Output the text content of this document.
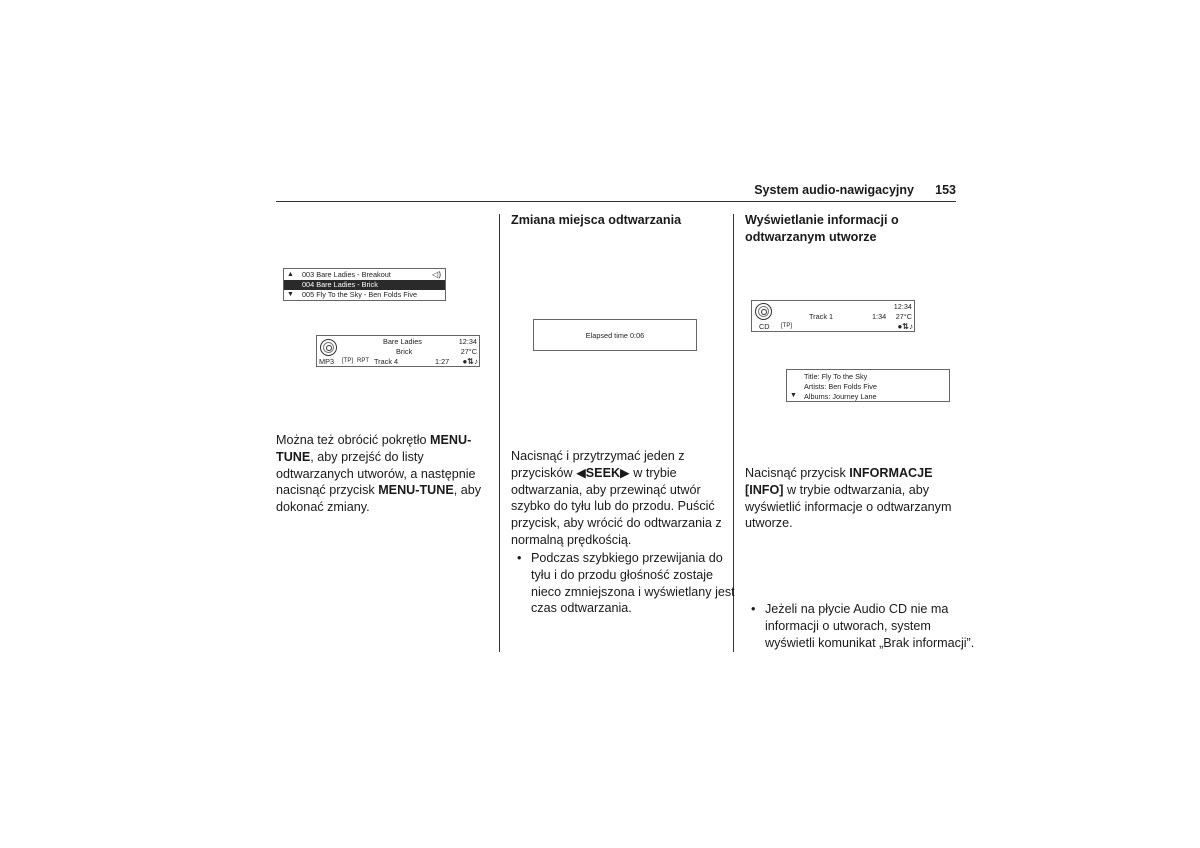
System audio-nawigacyjny 153
▲ 003 Bare Ladies - Breakout	◁)
004 Bare Ladies - Brick
▼ 005 Fly To the Sky - Ben Folds Five
Bare Ladies
Brick
12:34
27°C
MP3 [TP] RPT Track 4	1:27 ●⇅♪
Można też obrócić pokrętło MENU-TUNE, aby przejść do listy odtwarzanych utworów, a następnie nacisnąć przycisk MENU-TUNE, aby dokonać zmiany.
Zmiana miejsca odtwarzania
Elapsed time 0:06
Nacisnąć i przytrzymać jeden z przycisków ◀SEEK▶ w trybie odtwarzania, aby przewinąć utwór szybko do tyłu lub do przodu. Puścić przycisk, aby wrócić do odtwarzania z normalną prędkością.
• Podczas szybkiego przewijania do tyłu i do przodu głośność zostaje nieco zmniejszona i wyświetlany jest czas odtwarzania.
Wyświetlanie informacji o odtwarzanym utworze
Track 1
12:34
1:34 27°C
CD [TP]	●⇅♪
Title: Fly To the Sky
Artists: Ben Folds Five
▼ Albums: Journey Lane
Nacisnąć przycisk INFORMACJE [INFO] w trybie odtwarzania, aby wyświetlić informacje o odtwarzanym utworze.
• Jeżeli na płycie Audio CD nie ma informacji o utworach, system wyświetli komunikat „Brak informacji”.
